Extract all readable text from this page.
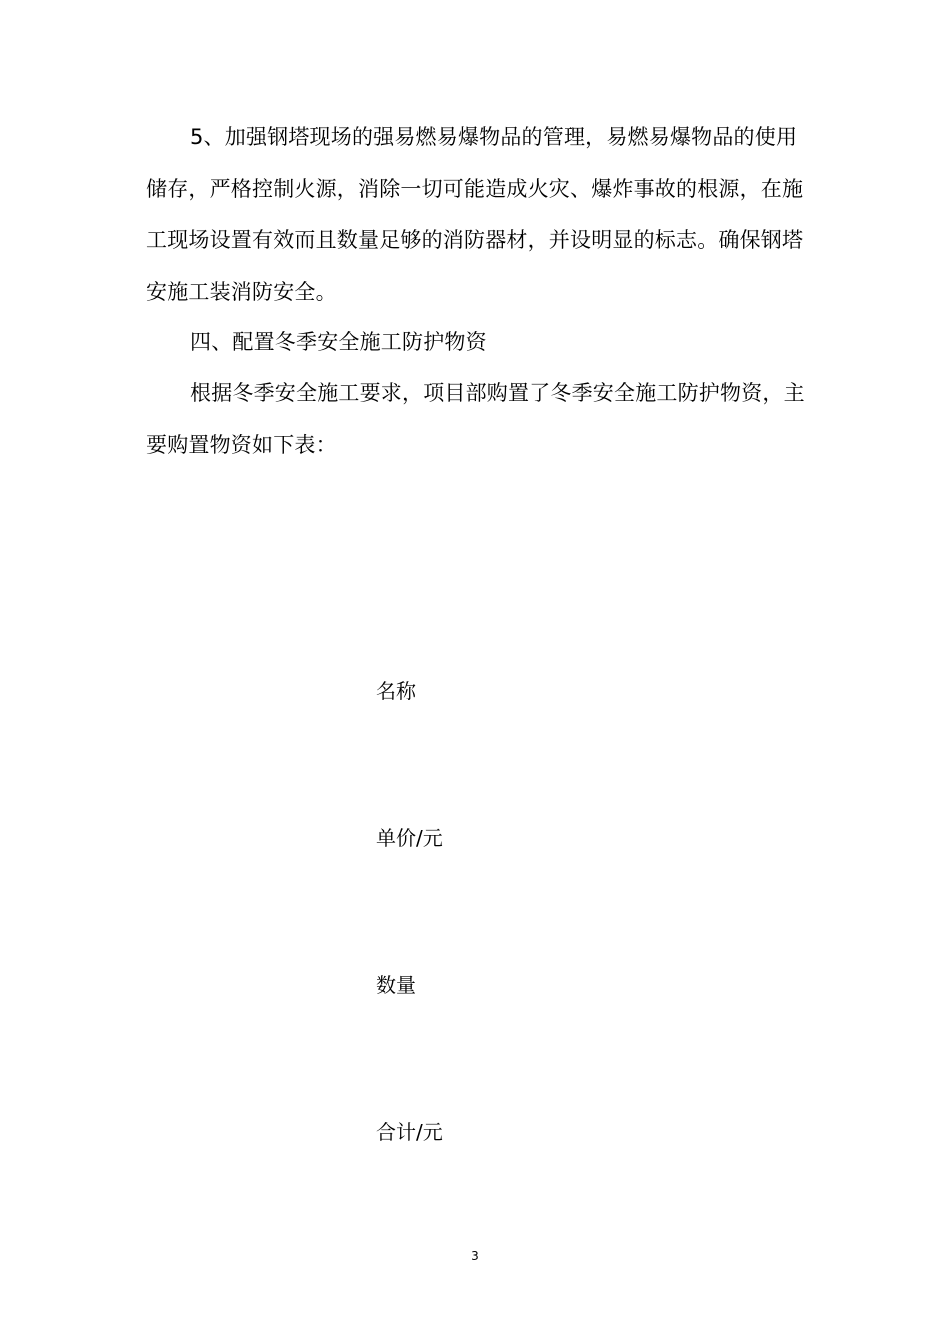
5、加强钢塔现场的强易燃易爆物品的管理，易燃易爆物品的使用储存，严格控制火源，消除一切可能造成火灾、爆炸事故的根源，在施工现场设置有效而且数量足够的消防器材，并设明显的标志。确保钢塔安施工装消防安全。

四、配置冬季安全施工防护物资

根据冬季安全施工要求，项目部购置了冬季安全施工防护物资，主要购置物资如下表：

名称
单价/元
数量
合计/元
3
